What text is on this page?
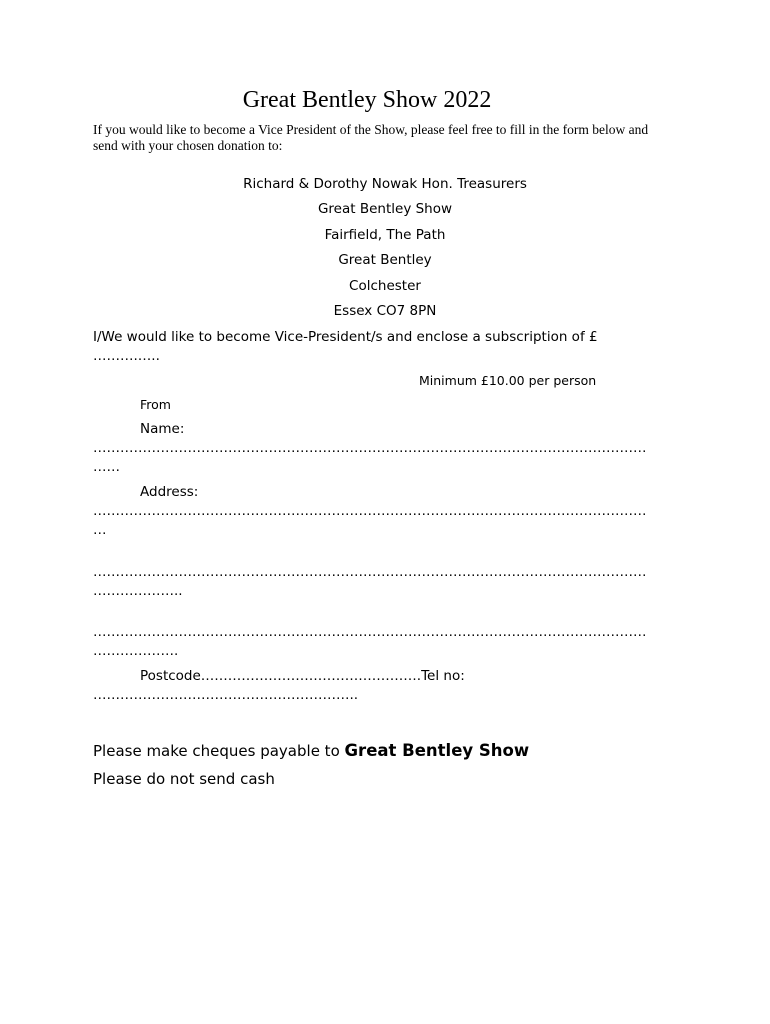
Great Bentley Show 2022
If you would like to become a Vice President of the Show, please feel free to fill in the form below and send with your chosen donation to:
Richard & Dorothy Nowak Hon. Treasurers
Great Bentley Show
Fairfield, The Path
Great Bentley
Colchester
Essex CO7 8PN
I/We would like to become Vice-President/s and enclose a subscription of £
……….…..
Minimum £10.00 per person
From
Name:
……………………………………………………………………………………………………………
……
Address:
……………………………………………………………………………………………………………
…
……………………………………………………………………………………………………………
………………..
……………………………………………………………………………………………………………
……………….
Postcode………………………………………….Tel no:
…………………………………………………..
Please make cheques payable to Great Bentley Show
Please do not send cash
